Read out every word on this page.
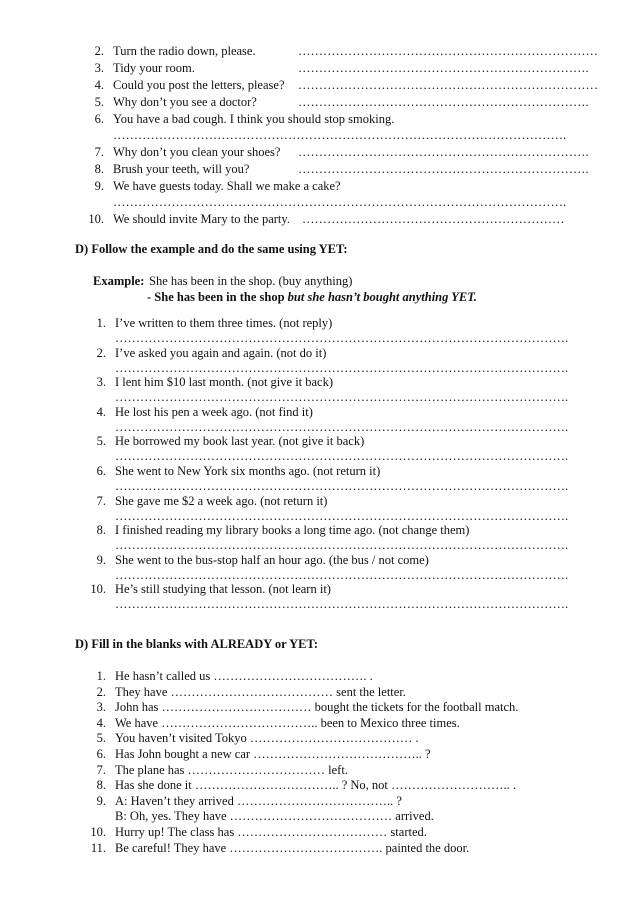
2. Turn the radio down, please.	………………………………………………………………
3. Tidy your room.	…………………………………………………………….
4. Could you post the letters, please? ………………………………………………………………
5. Why don’t you see a doctor?	…………………………………………………………….
6. You have a bad cough. I think you should stop smoking.
……………………………………………………………………………………………….
7. Why don’t you clean your shoes? …………………………………………………………….
8. Brush your teeth, will you?	…………………………………………………………….
9. We have guests today. Shall we make a cake?
……………………………………………………………………………………………….
10. We should invite Mary to the party. ………………………………………………………
D) Follow the example and do the same using YET:
Example: She has been in the shop. (buy anything)
- She has been in the shop but she hasn’t bought anything YET.
1. I’ve written to them three times. (not reply)
……………………………………………………………………………………………….
2. I’ve asked you again and again. (not do it)
……………………………………………………………………………………………….
3. I lent him $10 last month. (not give it back)
……………………………………………………………………………………………….
4. He lost his pen a week ago. (not find it)
……………………………………………………………………………………………….
5. He borrowed my book last year. (not give it back)
……………………………………………………………………………………………….
6. She went to New York six months ago. (not return it)
……………………………………………………………………………………………….
7. She gave me $2 a week ago. (not return it)
……………………………………………………………………………………………….
8. I finished reading my library books a long time ago. (not change them)
……………………………………………………………………………………………….
9. She went to the bus-stop half an hour ago. (the bus / not come)
……………………………………………………………………………………………….
10. He’s still studying that lesson. (not learn it)
……………………………………………………………………………………………….
D) Fill in the blanks with ALREADY or YET:
1. He hasn’t called us ………………………………. .
2. They have ………………………………… sent the letter.
3. John has ……………………………… bought the tickets for the football match.
4. We have ……………………………….. been to Mexico three times.
5. You haven’t visited Tokyo ………………………………… .
6. Has John bought a new car ………………………………….. ?
7. The plane has …………………………… left.
8. Has she done it …………………………….. ? No, not ……………………….. .
9. A: Haven’t they arrived ……………………………….. ?
B: Oh, yes. They have ………………………………… arrived.
10. Hurry up! The class has ……………………………… started.
11. Be careful! They have ………………………………. painted the door.
